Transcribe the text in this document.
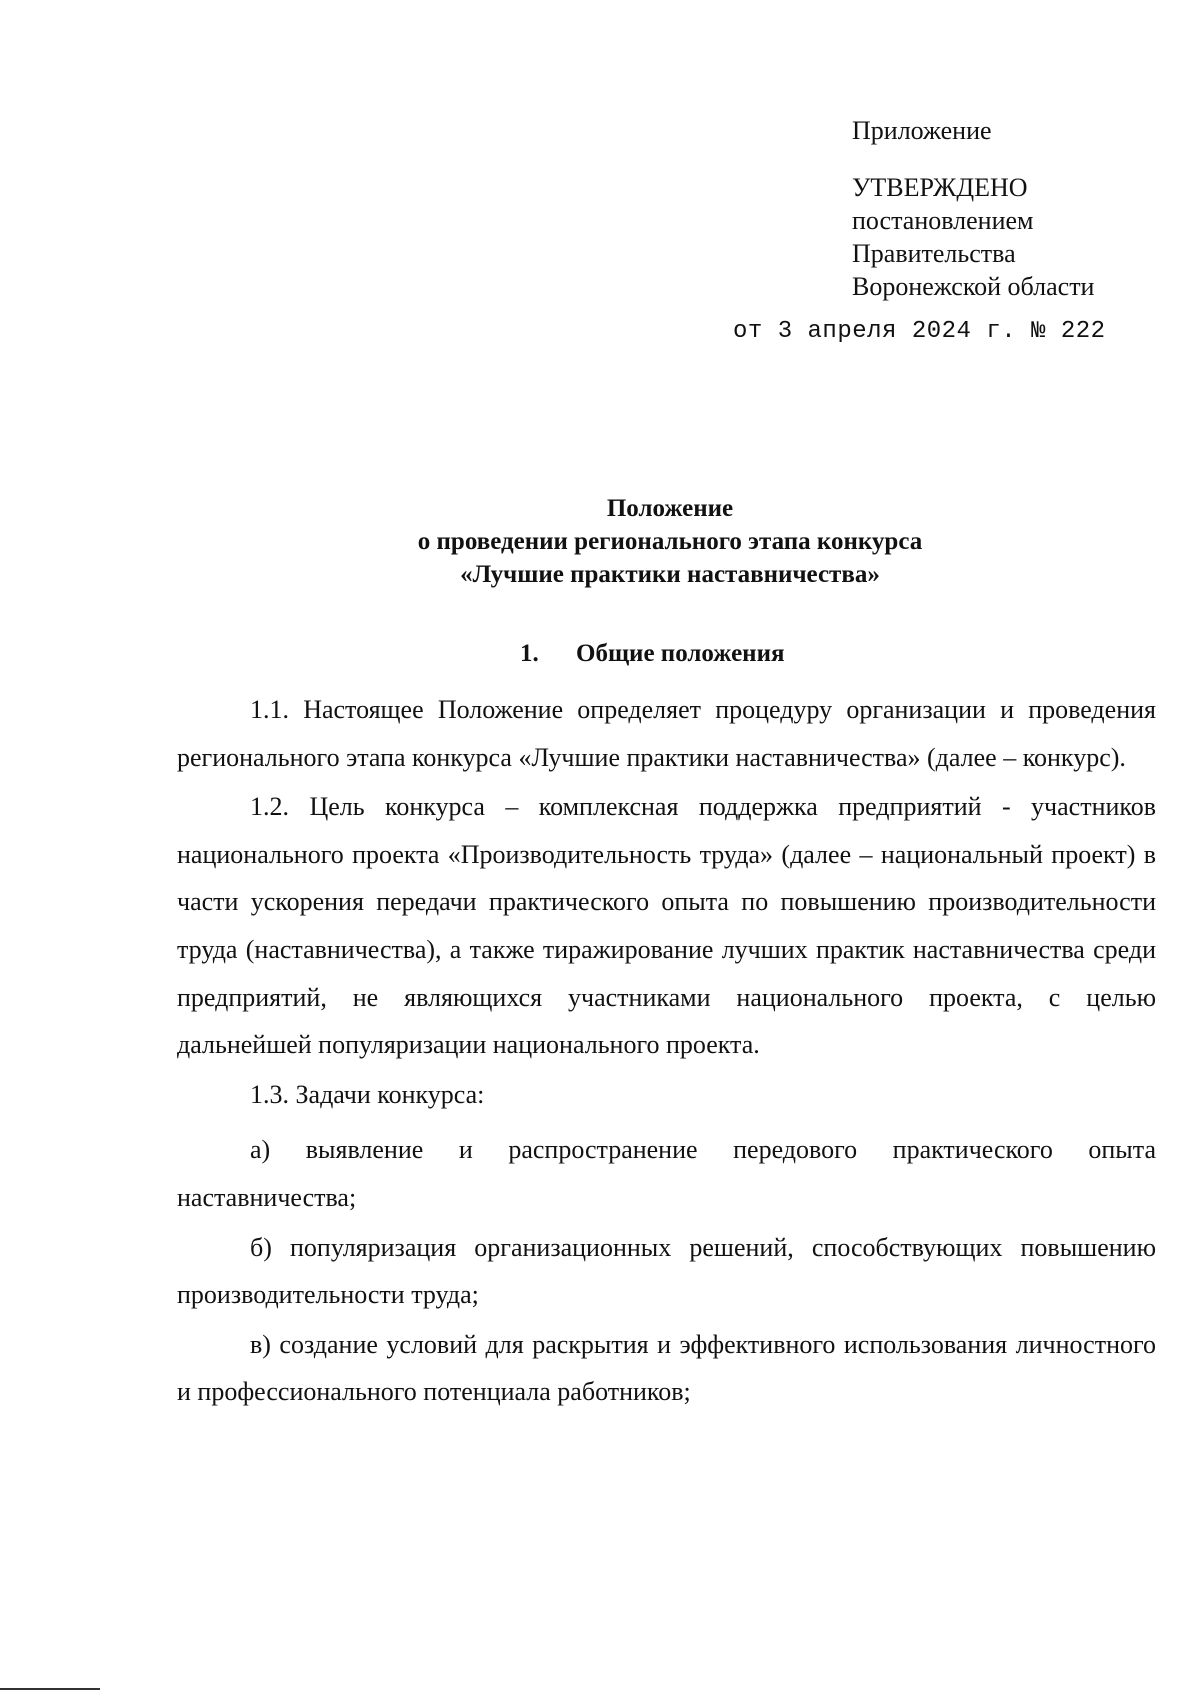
Приложение
УТВЕРЖДЕНО
постановлением
Правительства
Воронежской области
от 3 апреля 2024 г. № 222
Положение
о проведении регионального этапа конкурса
«Лучшие практики наставничества»
1. Общие положения

1.1. Настоящее Положение определяет процедуру организации и проведения регионального этапа конкурса «Лучшие практики наставничества» (далее – конкурс).

1.2. Цель конкурса – комплексная поддержка предприятий - участников национального проекта «Производительность труда» (далее – национальный проект) в части ускорения передачи практического опыта по повышению производительности труда (наставничества), а также тиражирование лучших практик наставничества среди предприятий, не являющихся участниками национального проекта, с целью дальнейшей популяризации национального проекта.

1.3. Задачи конкурса:

а) выявление и распространение передового практического опыта наставничества;

б) популяризация организационных решений, способствующих повышению производительности труда;

в) создание условий для раскрытия и эффективного использования личностного и профессионального потенциала работников;
